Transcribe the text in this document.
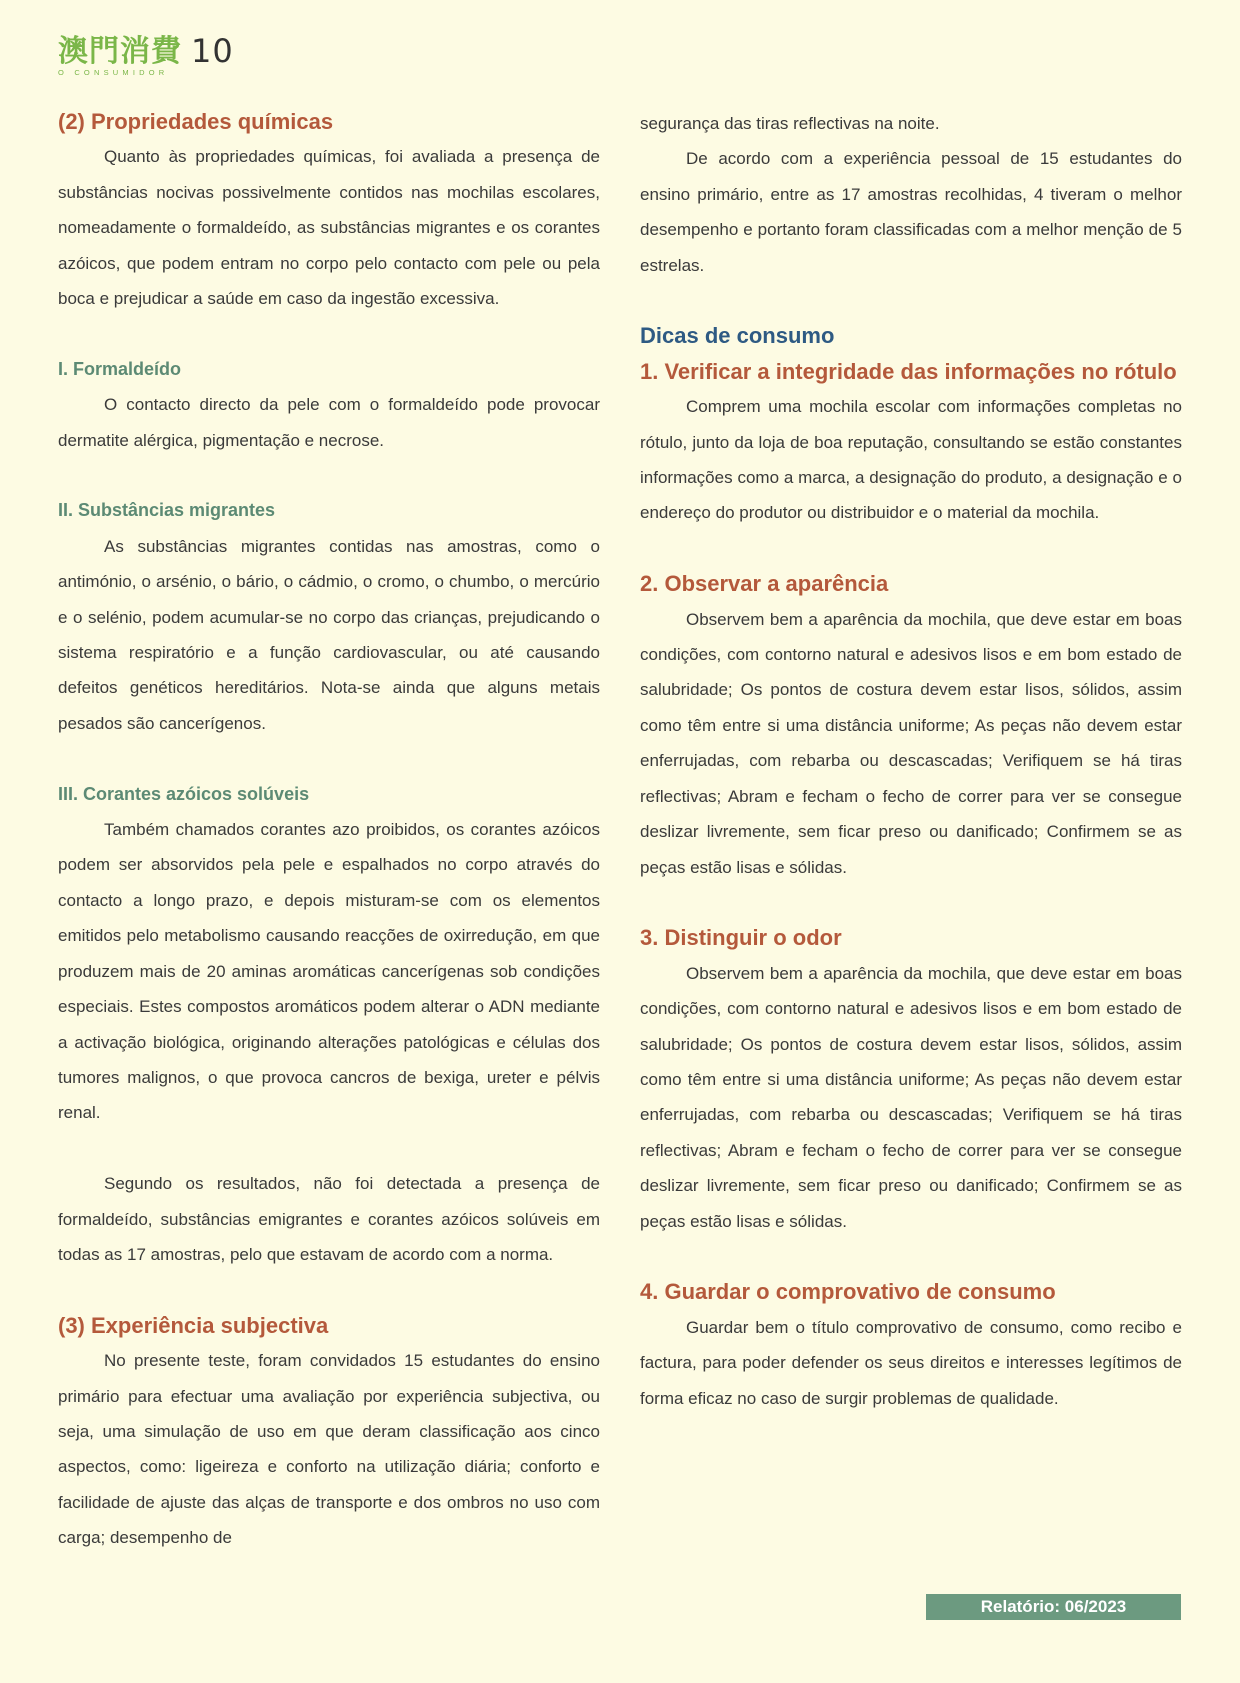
澳門消費
O CONSUMIDOR
10
(2) Propriedades químicas

Quanto às propriedades químicas, foi avaliada a presença de substâncias nocivas possivelmente contidos nas mochilas escolares, nomeadamente o formaldeído, as substâncias migrantes e os corantes azóicos, que podem entram no corpo pelo contacto com pele ou pela boca e prejudicar a saúde em caso da ingestão excessiva.

I. Formaldeído

O contacto directo da pele com o formaldeído pode provocar dermatite alérgica, pigmentação e necrose.

II. Substâncias migrantes

As substâncias migrantes contidas nas amostras, como o antimónio, o arsénio, o bário, o cádmio, o cromo, o chumbo, o mercúrio e o selénio, podem acumular-se no corpo das crianças, prejudicando o sistema respiratório e a função cardiovascular, ou até causando defeitos genéticos hereditários. Nota-se ainda que alguns metais pesados são cancerígenos.

III. Corantes azóicos solúveis

Também chamados corantes azo proibidos, os corantes azóicos podem ser absorvidos pela pele e espalhados no corpo através do contacto a longo prazo, e depois misturam-se com os elementos emitidos pelo metabolismo causando reacções de oxirredução, em que produzem mais de 20 aminas aromáticas cancerígenas sob condições especiais. Estes compostos aromáticos podem alterar o ADN mediante a activação biológica, originando alterações patológicas e células dos tumores malignos, o que provoca cancros de bexiga, ureter e pélvis renal.

Segundo os resultados, não foi detectada a presença de formaldeído, substâncias emigrantes e corantes azóicos solúveis em todas as 17 amostras, pelo que estavam de acordo com a norma.

(3) Experiência subjectiva

No presente teste, foram convidados 15 estudantes do ensino primário para efectuar uma avaliação por experiência subjectiva, ou seja, uma simulação de uso em que deram classificação aos cinco aspectos, como: ligeireza e conforto na utilização diária; conforto e facilidade de ajuste das alças de transporte e dos ombros no uso com carga; desempenho de

segurança das tiras reflectivas na noite.

De acordo com a experiência pessoal de 15 estudantes do ensino primário, entre as 17 amostras recolhidas, 4 tiveram o melhor desempenho e portanto foram classificadas com a melhor menção de 5 estrelas.

Dicas de consumo
1. Verificar a integridade das informações no rótulo

Comprem uma mochila escolar com informações completas no rótulo, junto da loja de boa reputação, consultando se estão constantes informações como a marca, a designação do produto, a designação e o endereço do produtor ou distribuidor e o material da mochila.

2. Observar a aparência

Observem bem a aparência da mochila, que deve estar em boas condições, com contorno natural e adesivos lisos e em bom estado de salubridade; Os pontos de costura devem estar lisos, sólidos, assim como têm entre si uma distância uniforme; As peças não devem estar enferrujadas, com rebarba ou descascadas; Verifiquem se há tiras reflectivas; Abram e fecham o fecho de correr para ver se consegue deslizar livremente, sem ficar preso ou danificado; Confirmem se as peças estão lisas e sólidas.

3. Distinguir o odor

Observem bem a aparência da mochila, que deve estar em boas condições, com contorno natural e adesivos lisos e em bom estado de salubridade; Os pontos de costura devem estar lisos, sólidos, assim como têm entre si uma distância uniforme; As peças não devem estar enferrujadas, com rebarba ou descascadas; Verifiquem se há tiras reflectivas; Abram e fecham o fecho de correr para ver se consegue deslizar livremente, sem ficar preso ou danificado; Confirmem se as peças estão lisas e sólidas.

4. Guardar o comprovativo de consumo

Guardar bem o título comprovativo de consumo, como recibo e factura, para poder defender os seus direitos e interesses legítimos de forma eficaz no caso de surgir problemas de qualidade.

Relatório: 06/2023
